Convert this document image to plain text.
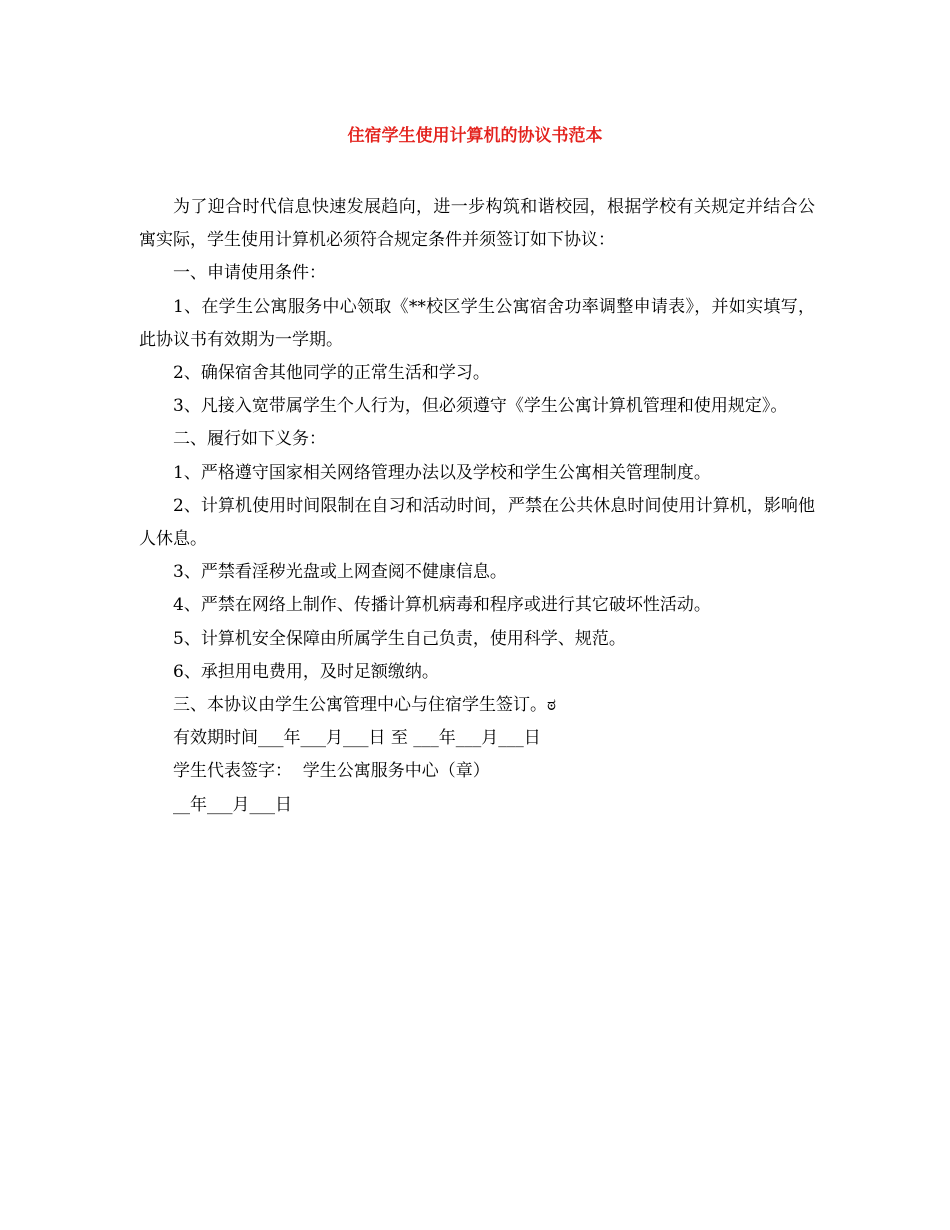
住宿学生使用计算机的协议书范本

为了迎合时代信息快速发展趋向，进一步构筑和谐校园，根据学校有关规定并结合公寓实际，学生使用计算机必须符合规定条件并须签订如下协议：

一、申请使用条件：

1、在学生公寓服务中心领取《**校区学生公寓宿舍功率调整申请表》，并如实填写，此协议书有效期为一学期。

2、确保宿舍其他同学的正常生活和学习。

3、凡接入宽带属学生个人行为，但必须遵守《学生公寓计算机管理和使用规定》。

二、履行如下义务：

1、严格遵守国家相关网络管理办法以及学校和学生公寓相关管理制度。

2、计算机使用时间限制在自习和活动时间，严禁在公共休息时间使用计算机，影响他人休息。

3、严禁看淫秽光盘或上网查阅不健康信息。

4、严禁在网络上制作、传播计算机病毒和程序或进行其它破坏性活动。

5、计算机安全保障由所属学生自己负责，使用科学、规范。

6、承担用电费用，及时足额缴纳。

三、本协议由学生公寓管理中心与住宿学生签订。ಠ

有效期时间___年___月___日 至 ___年___月___日

学生代表签字：  学生公寓服务中心（章）

__年___月___日
